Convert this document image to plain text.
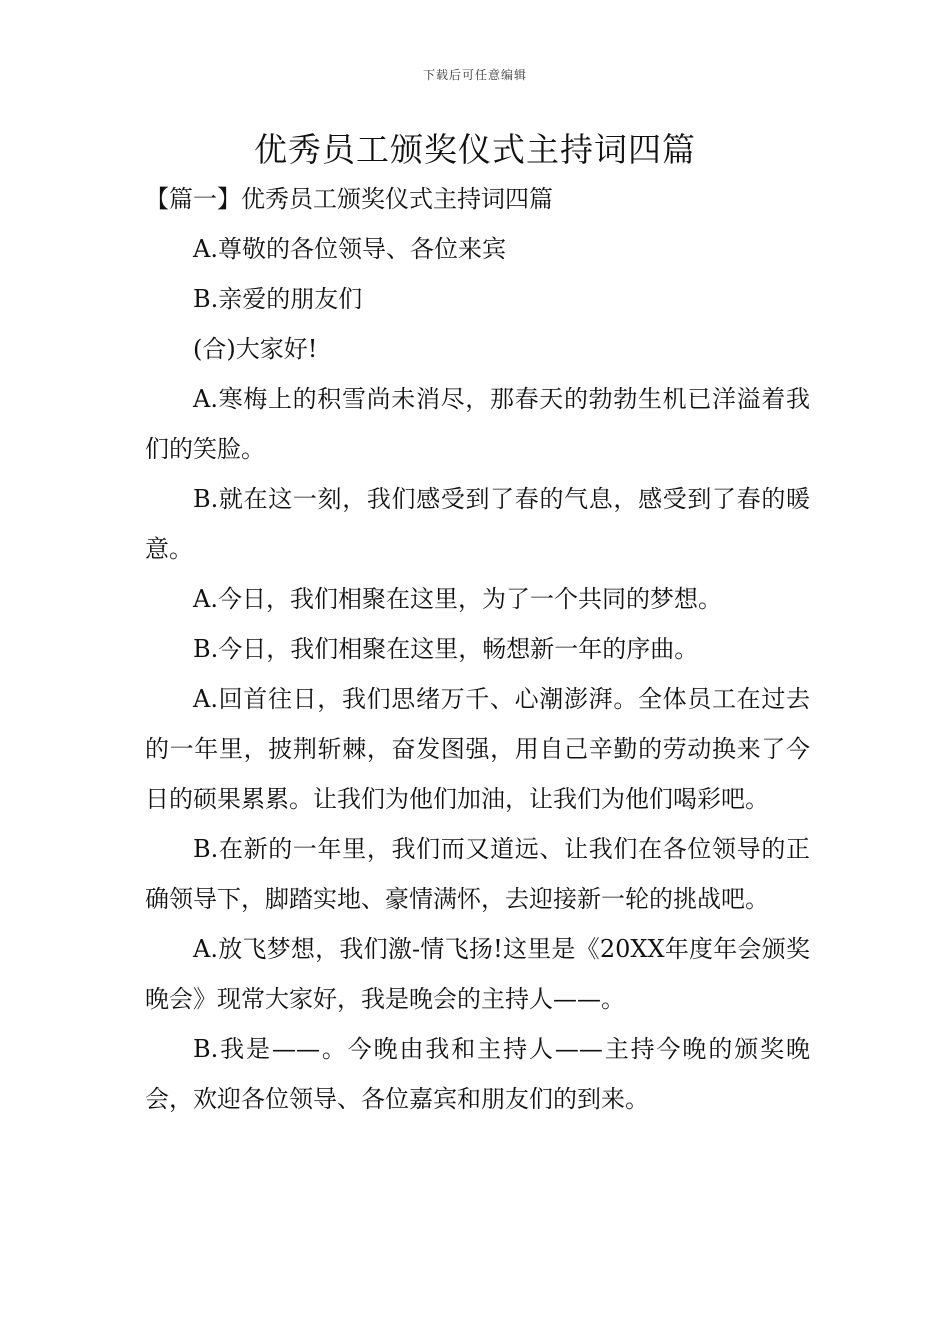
下载后可任意编辑
优秀员工颁奖仪式主持词四篇

【篇一】优秀员工颁奖仪式主持词四篇

A.尊敬的各位领导、各位来宾

B.亲爱的朋友们

(合)大家好!

A.寒梅上的积雪尚未消尽，那春天的勃勃生机已洋溢着我们的笑脸。

B.就在这一刻，我们感受到了春的气息，感受到了春的暖意。

A.今日，我们相聚在这里，为了一个共同的梦想。

B.今日，我们相聚在这里，畅想新一年的序曲。

A.回首往日，我们思绪万千、心潮澎湃。全体员工在过去的一年里，披荆斩棘，奋发图强，用自己辛勤的劳动换来了今日的硕果累累。让我们为他们加油，让我们为他们喝彩吧。

B.在新的一年里，我们而又道远、让我们在各位领导的正确领导下，脚踏实地、豪情满怀，去迎接新一轮的挑战吧。

A.放飞梦想，我们激-情飞扬!这里是《20XX年度年会颁奖晚会》现常大家好，我是晚会的主持人——。

B.我是——。今晚由我和主持人——主持今晚的颁奖晚会，欢迎各位领导、各位嘉宾和朋友们的到来。
